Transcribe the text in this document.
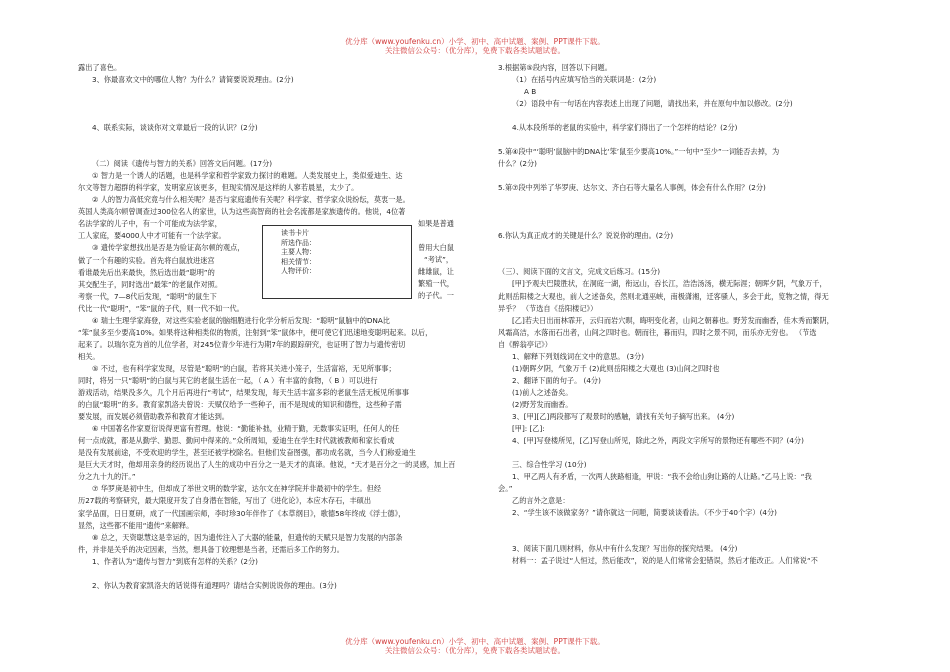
优分库（www.youfenku.cn）小学、初中、高中试题、案例、PPT课件下载。
关注微信公众号：（优分库），免费下载各类试题试卷。
露出了喜色。
3、你最喜欢文中的哪位人物？为什么？请简要说说理由。(2分)
4、联系实际，谈谈你对文章最后一段的认识？(2分)
（二）阅读《遗传与智力的关系》回答文后问题。(17分)
① 智力是一个诱人的话题，也是科学家和哲学家致力探讨的难题。人类发展史上，类似爱迪生、达
尔文等智力超群的科学家，发明家应该更多，但现实情况是这样的人寥若晨星，太少了。
② 人的智力高低究竟与什么相关呢？是否与家庭遗传有关呢？科学家、哲学家众说纷纭，莫衷一是。
英国人类高尔顿曾调查过300位名人的家世，认为这些高智商的社会名流都是家族遗传的。他说，4位著
名法学家的儿子中，有一个可能成为法学家，
工人家庭，要4000人中才可能有一个法学家。
③ 遗传学家想找出是否是为验证高尔顿的观点，
做了一个有趣的实验。首先将白鼠放进迷宫
看谁最先后出来最快，然后选出最“聪明”的
其交配生子，同时选出“最笨”的老鼠作对照。
考察一代，7—8代后发现，“聪明”的鼠生下
代比一代“聪明”，“笨”鼠的子代，则一代不如一代。
④ 瑞士生理学家海登，对这些实验老鼠的脑细胞进行化学分析后发现：“聪明”鼠脑中的DNA比
“笨”鼠多至少要高10%。如果将这种相类似的物质，注射到“笨”鼠体中，便可使它们迅速地变聪明起来。以后，
起来了。以瑞尔克为首的儿位学者，对245位青少年进行为期7年的跟踪研究，也证明了智力与遗传密切
相关。
⑤ 不过，也有科学家发现，尽管是“聪明”的白鼠，若将其关进小笼子，生活富裕，无见所事事；
同时，将另一只“聪明”的白鼠与其它的老鼠生活在一起，（ A ）有丰富的食物，（ B ）可以进行
游戏活动，结果没多久，几个月后再进行“考试”，结果发现，每天生活丰富多彩的老鼠生活无板见所事事
的白鼠“聪明”的多。教育家凯洛夫曾说：天赋仅给予一些种子，而不是现成的知识和德性，这些种子需
要发展，而发展必须借助教养和教育才能达到。
⑥ 中国著名作家夏衍说得更富有哲理。他说：“勤能补拙，业精于勤，无数事实证明，任何人的任
何一点成就，都是从勤学、勤思、勤问中得来的。”众所周知，爱迪生在学生时代就被教师和家长看成
是没有发展前途，不受欢迎的学生，甚至还被学校除名。但他们发奋图强，都功成名就，当今人们称爱迪生
是巨大天才时，他却用亲身的经历说出了人生的成功中百分之一是天才的真谛。他说，“天才是百分之一的灵感，加上百
分之九十九的汗。”
⑦ 华罗庚是初中生，但却成了举世文明的数学家，达尔文在神学院并非最初中的学生。但经
历27载的考察研究，最大限度开发了自身潜在智能，写出了《进化论》，本应木存石，丰硕出
家学品面，日日夏研，成了一代国画宗师，李时珍30年伴作了《本草纲目》，歌德58年终成《浮士德》，
显然，这些都不能用“遗传”来解释。
⑧ 总之，天资聪慧这是幸运的，因为遗传注入了大器的能量，但遗传的天赋只是智力发展的内部条
件，并非是关乎的决定因素，当然，想具备丁较理想是当者，还需后多工作的努力。
1、作者认为“遗传与智力”到底有怎样的关系？(2分)
2、你认为教育家凯洛夫的话说得有道理吗？请结合实例说说你的理由。(3分)
如果是普通
曾用大白鼠
“考试”，
雌雄鼠，让
繁殖一代，
的子代。一
读书卡片
所选作品：
主要人物：
相关情节：
人物评价：
3.根据第⑤段内容，回答以下问题。
（1）在括号内应填写恰当的关联词是：(2分)
A B
（2）语段中有一句话在内容表述上出现了问题，请找出来，并在原句中加以修改。(2分)
4.从本段所举的老鼠的实验中，科学家们得出了一个怎样的结论？(2分)
5.第④段中“‘聪明’鼠脑中的DNA比‘笨’鼠至少要高10%。”一句中“至少”一词能否去掉，为
什么？(2分)
5.第⑦段中列举了华罗庚、达尔文、齐白石等大量名人事例，体会有什么作用？(2分)
6.你认为真正成才的关键是什么？说说你的理由。(2分)
（三）、阅读下面的文言文，完成文后练习。(15分)
[甲]予观夫巴陵胜状，在洞庭一湖，衔远山，吞长江，浩浩汤汤，横无际涯；朝晖夕阴，气象万千，
此则岳阳楼之大观也，前人之述备矣，然则北通巫峡，南极潇湘，迁客骚人，多会于此，览物之情，得无
异乎？ （节选自《岳阳楼记》）
[乙]若夫日出而林霏开，云归而岩穴暝，晦明变化者，山间之朝暮也。野芳发而幽香，佳木秀而繁阴，
风霜高洁，水落而石出者，山间之四时也。朝而往，暮而归，四时之景不同，而乐亦无穷也。 （节选
自《醉翁亭记》）
1、解释下列划线词在文中的意思。 (3分)
(1)朝晖夕阴，气象万千 (2)此则岳阳楼之大观也 (3)山间之四时也
2、翻译下面的句子。 (4分)
(1)前人之述备矣。
(2)野芳发而幽香。
3、[甲][乙]两段都写了观景时的感触，请找有关句子摘写出来。 (4分)
[甲]: [乙]:
4、[甲]写登楼所见，[乙]写登山所见，除此之外，两段文字所写的景物还有哪些不同？(4分)
三、综合性学习 (10分)
1、甲乙两人有矛盾，一次两人狭路相逢，甲说：“我不会给山狗让路的人让路。”乙马上说：“我
会。”
乙的言外之意是：
2、“学生该不该做家务？”请你就这一问题，简要谈谈看法。（不少于40个字）(4分)
3、阅读下面几则材料，你从中有什么发现？写出你的探究结果。 (4分)
材料一：孟子说过“人恒过，然后能改”，说的是人们常常会犯错误，然后才能改正。人们常说“不
优分库（www.youfenku.cn）小学、初中、高中试题、案例、PPT课件下载。
关注微信公众号：（优分库），免费下载各类试题试卷。
